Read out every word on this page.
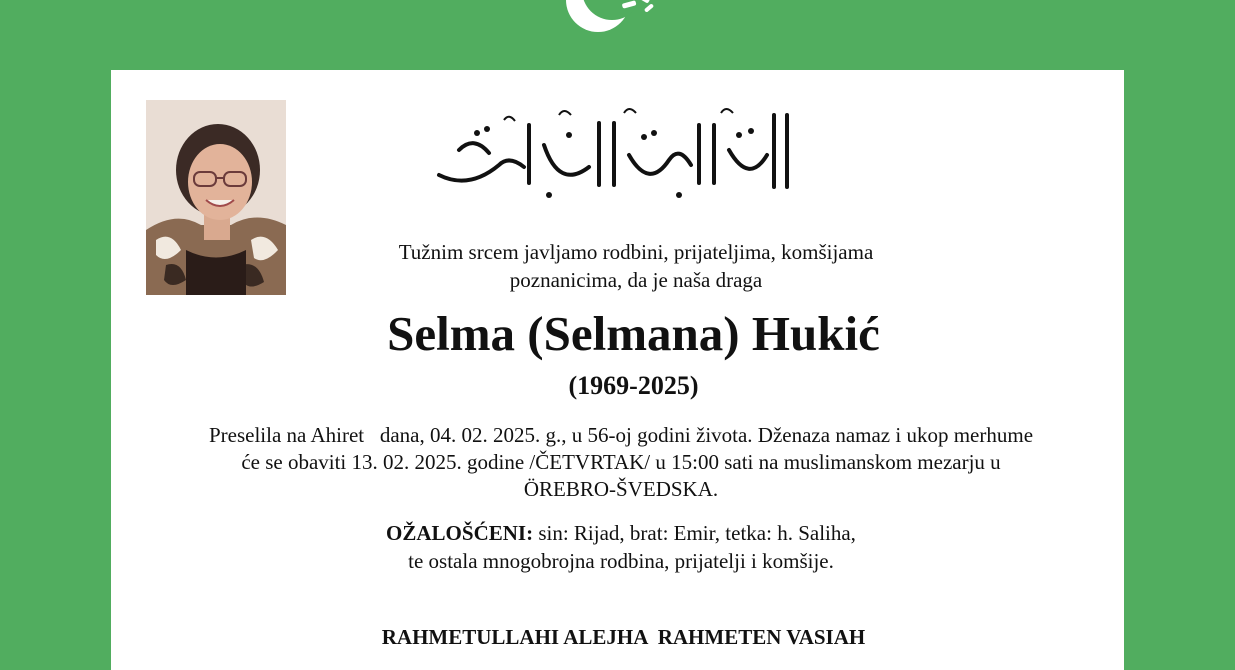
Tužnim srcem javljamo rodbini, prijateljima, komšijama
poznanicima, da je naša draga
Selma (Selmana) Hukić
(1969-2025)
Preselila na Ahiret   dana, 04. 02. 2025. g., u 56-oj godini života. Dženaza namaz i ukop merhume
će se obaviti 13. 02. 2025. godine /ČETVRTAK/ u 15:00 sati na muslimanskom mezarju u
ÖREBRO-ŠVEDSKA.
OŽALOŠĆENI: sin: Rijad, brat: Emir, tetka: h. Saliha,
te ostala mnogobrojna rodbina, prijatelji i komšije.
RAHMETULLAHI ALEJHA  RAHMETEN VASIAH
